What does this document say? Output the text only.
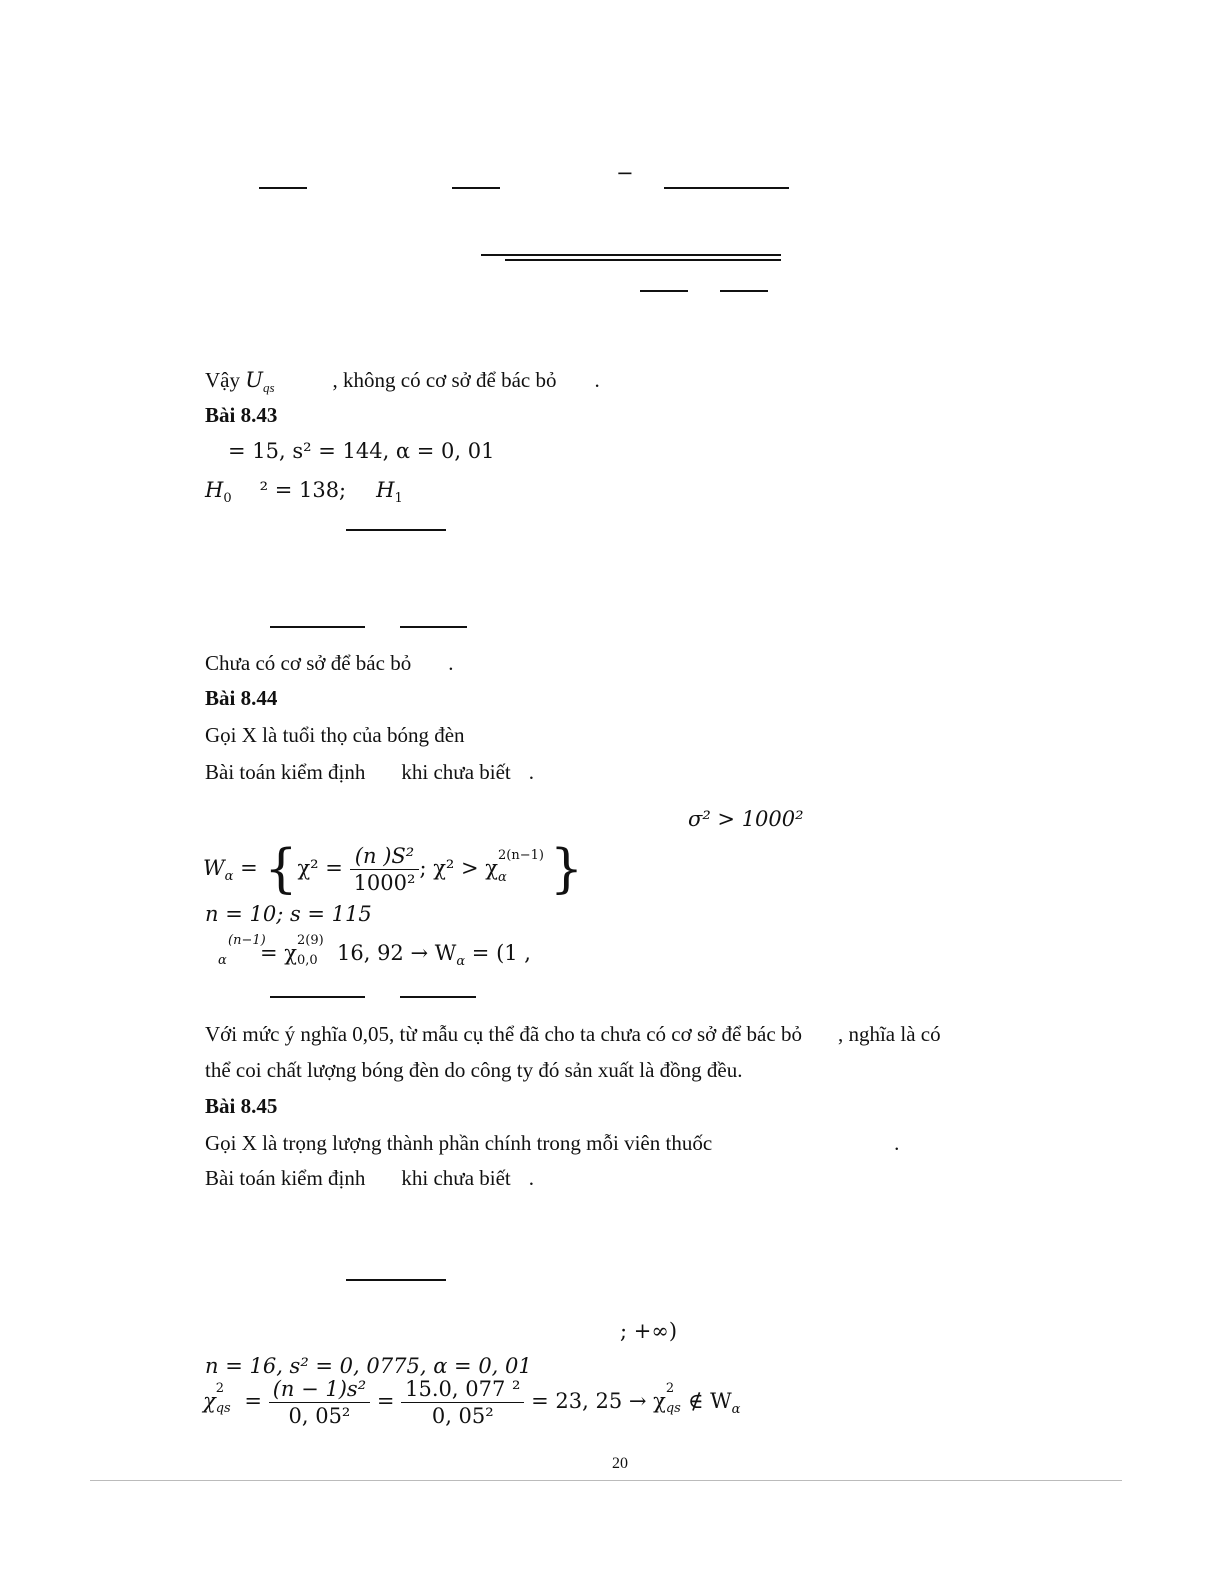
−
Vậy $U_{qs}$	, không có cơ sở để bác bỏ .
Bài 8.43
= 15, s² = 144, α = 0, 01
$H_0$ ² = 138; $H_1$
Chưa có cơ sở để bác bỏ .
Bài 8.44
Gọi X là tuổi thọ của bóng đèn
Bài toán kiểm định khi chưa biết .
σ² > 1000²
$W_\alpha = \{\chi^2 = \frac{\text{(n )S²}}{\text{1000²}}$ ; χ² > χ
2(n−1)
α }
n = 10; s = 115
(n−1)
α = χ
2(9)
0,0 16, $92 \to W_\alpha = (1$ ,
Với mức ý nghĩa 0,05, từ mẫu cụ thể đã cho ta chưa có cơ sở để bác bỏ , nghĩa là có
thể coi chất lượng bóng đèn do công ty đó sản xuất là đồng đều.
Bài 8.45
Gọi X là trọng lượng thành phần chính trong mỗi viên thuốc	.
Bài toán kiểm định khi chưa biết .
; +∞)
n = 16, s² = 0, 0775, α = 0, 01
χ
2
qs = $\frac{\text{(n − 1)s²}}{\text{0, 05²}} = \frac{\text{15.0, 077 ²}}{\text{0, 05²}} = 23$, 25 → χ
2
qs ∉ $W_\alpha$
20
